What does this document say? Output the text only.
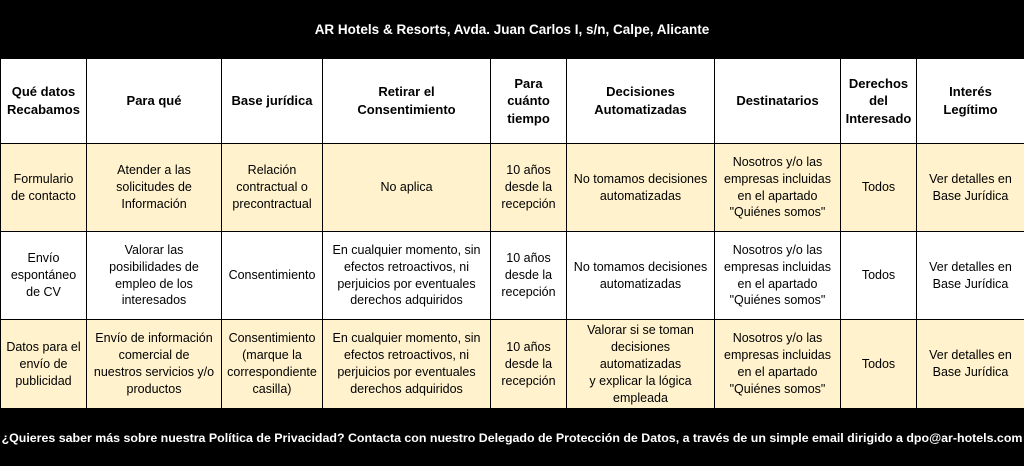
AR Hotels & Resorts, Avda. Juan Carlos I, s/n, Calpe, Alicante
Qué datos
Recabamos	Para qué	Base jurídica	Retirar el
Consentimiento	Para
cuánto
tiempo	Decisiones
Automatizadas	Destinatarios	Derechos
del
Interesado	Interés
Legítimo
Formulario
de contacto	Atender a las
solicitudes de
Información	Relación
contractual o
precontractual	No aplica	10 años
desde la
recepción	No tomamos decisiones
automatizadas	Nosotros y/o las
empresas incluidas
en el apartado
"Quiénes somos"	Todos	Ver detalles en
Base Jurídica
Envío
espontáneo
de CV	Valorar las
posibilidades de
empleo de los
interesados	Consentimiento	En cualquier momento, sin
efectos retroactivos, ni
perjuicios por eventuales
derechos adquiridos	10 años
desde la
recepción	No tomamos decisiones
automatizadas	Nosotros y/o las
empresas incluidas
en el apartado
"Quiénes somos"	Todos	Ver detalles en
Base Jurídica
Datos para el
envío de
publicidad	Envío de información
comercial de
nuestros servicios y/o
productos	Consentimiento
(marque la
correspondiente
casilla)	En cualquier momento, sin
efectos retroactivos, ni
perjuicios por eventuales
derechos adquiridos	10 años
desde la
recepción	Valorar si se toman
decisiones automatizadas
y explicar la lógica
empleada	Nosotros y/o las
empresas incluidas
en el apartado
"Quiénes somos"	Todos	Ver detalles en
Base Jurídica
¿Quieres saber más sobre nuestra Política de Privacidad? Contacta con nuestro Delegado de Protección de Datos, a través de un simple email dirigido a dpo@ar-hotels.com
